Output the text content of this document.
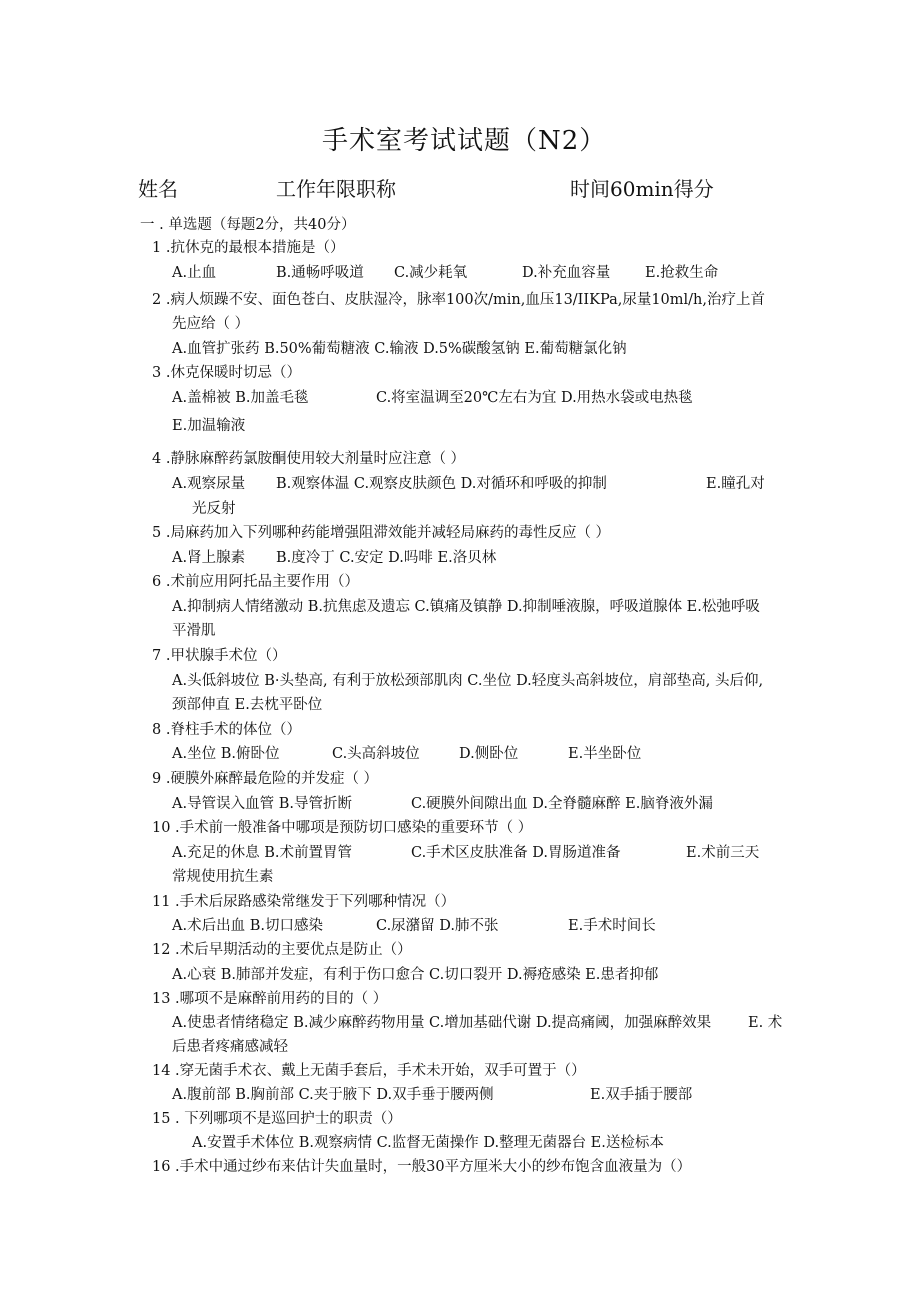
手术室考试试题（N2）
姓名	工作年限职称	时间60min得分
一 . 单选题（每题2分，共40分）
1 .抗休克的最根本措施是（）
A.止血	B.通畅呼吸道 C.减少耗氧	D.补充血容量 E.抢救生命
2 .病人烦躁不安、面色苍白、皮肤湿冷，脉率100次/min,血压13/IIKPa,尿量10ml/h,治疗上首
先应给（ ）
A.血管扩张药 B.50%葡萄糖液 C.输液 D.5%碳酸氢钠 E.葡萄糖氯化钠
3 .休克保暖时切忌（）
A.盖棉被 B.加盖毛毯	C.将室温调至20℃左右为宜 D.用热水袋或电热毯
E.加温输液
4 .静脉麻醉药氯胺酮使用较大剂量时应注意（ ）
A.观察尿量 B.观察体温 C.观察皮肤颜色 D.对循环和呼吸的抑制	E.瞳孔对
光反射
5 .局麻药加入下列哪种药能增强阻滞效能并减轻局麻药的毒性反应（ ）
A.肾上腺素 B.度冷丁 C.安定 D.吗啡 E.洛贝林
6 .术前应用阿托品主要作用（）
A.抑制病人情绪激动 B.抗焦虑及遗忘 C.镇痛及镇静 D.抑制唾液腺，呼吸道腺体 E.松弛呼吸
平滑肌
7 .甲状腺手术位（）
A.头低斜坡位 B·头垫高, 有利于放松颈部肌肉 C.坐位 D.轻度头高斜坡位，肩部垫高, 头后仰,
颈部伸直 E.去枕平卧位
8 .脊柱手术的体位（）
A.坐位 B.俯卧位	C.头高斜坡位	D.侧卧位	E.半坐卧位
9 .硬膜外麻醉最危险的并发症（ ）
A.导管误入血管 B.导管折断	C.硬膜外间隙出血 D.全脊髓麻醉 E.脑脊液外漏
10 .手术前一般准备中哪项是预防切口感染的重要环节（ ）
A.充足的休息 B.术前置胃管	C.手术区皮肤准备 D.胃肠道准备	E.术前三天
常规使用抗生素
11 .手术后尿路感染常继发于下列哪种情况（）
A.术后出血 B.切口感染	C.尿潴留 D.肺不张	E.手术时间长
12 .术后早期活动的主要优点是防止（）
A.心衰 B.肺部并发症，有利于伤口愈合 C.切口裂开 D.褥疮感染 E.患者抑郁
13 .哪项不是麻醉前用药的目的（ ）
A.使患者情绪稳定 B.减少麻醉药物用量 C.增加基础代谢 D.提高痛阈，加强麻醉效果	E. 术
后患者疼痛感减轻
14 .穿无菌手术衣、戴上无菌手套后，手术未开始，双手可置于（）
A.腹前部 B.胸前部 C.夹于腋下 D.双手垂于腰两侧	E.双手插于腰部
15 . 下列哪项不是巡回护士的职责（）
A.安置手术体位 B.观察病情 C.监督无菌操作 D.整理无菌器台 E.送检标本
16 .手术中通过纱布来估计失血量时，一般30平方厘米大小的纱布饱含血液量为（）
